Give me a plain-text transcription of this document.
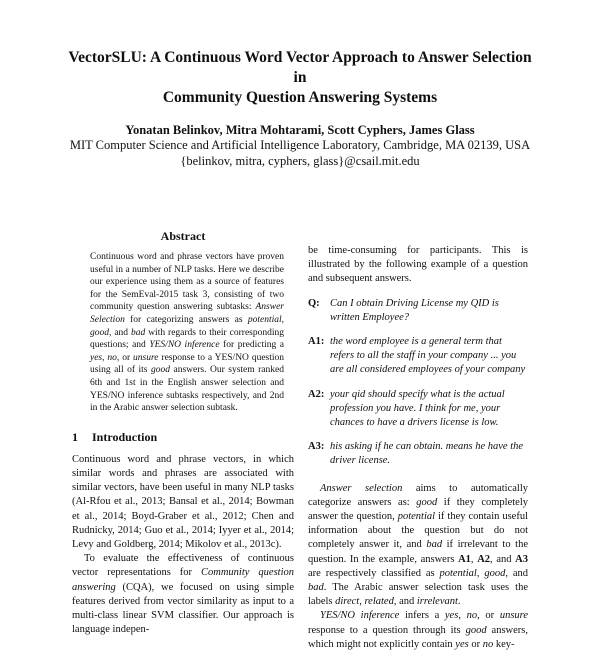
VectorSLU: A Continuous Word Vector Approach to Answer Selection in
Community Question Answering Systems
Yonatan Belinkov, Mitra Mohtarami, Scott Cyphers, James Glass
MIT Computer Science and Artificial Intelligence Laboratory, Cambridge, MA 02139, USA
{belinkov, mitra, cyphers, glass}@csail.mit.edu
Abstract
Continuous word and phrase vectors have proven useful in a number of NLP tasks. Here we describe our experience using them as a source of features for the SemEval-2015 task 3, consisting of two community question answering subtasks: Answer Selection for categorizing answers as potential, good, and bad with regards to their corresponding questions; and YES/NO inference for predicting a yes, no, or unsure response to a YES/NO question using all of its good answers. Our system ranked 6th and 1st in the English answer selection and YES/NO inference subtasks respectively, and 2nd in the Arabic answer selection subtask.
1 Introduction

Continuous word and phrase vectors, in which similar words and phrases are associated with similar vectors, have been useful in many NLP tasks (Al-Rfou et al., 2013; Bansal et al., 2014; Bowman et al., 2014; Boyd-Graber et al., 2012; Chen and Rudnicky, 2014; Guo et al., 2014; Iyyer et al., 2014; Levy and Goldberg, 2014; Mikolov et al., 2013c).

To evaluate the effectiveness of continuous vector representations for Community question answering (CQA), we focused on using simple features derived from vector similarity as input to a multi-class linear SVM classifier. Our approach is language indepen-

be time-consuming for participants. This is illustrated by the following example of a question and subsequent answers.

Q: Can I obtain Driving License my QID is written Employee?
A1: the word employee is a general term that refers to all the staff in your company ... you are all considered employees of your company
A2: your qid should specify what is the actual profession you have. I think for me, your chances to have a drivers license is low.
A3: his asking if he can obtain. means he have the driver license.

Answer selection aims to automatically categorize answers as: good if they completely answer the question, potential if they contain useful information about the question but do not completely answer it, and bad if irrelevant to the question. In the example, answers A1, A2, and A3 are respectively classified as potential, good, and bad. The Arabic answer selection task uses the labels direct, related, and irrelevant.

YES/NO inference infers a yes, no, or unsure response to a question through its good answers, which might not explicitly contain yes or no key-
